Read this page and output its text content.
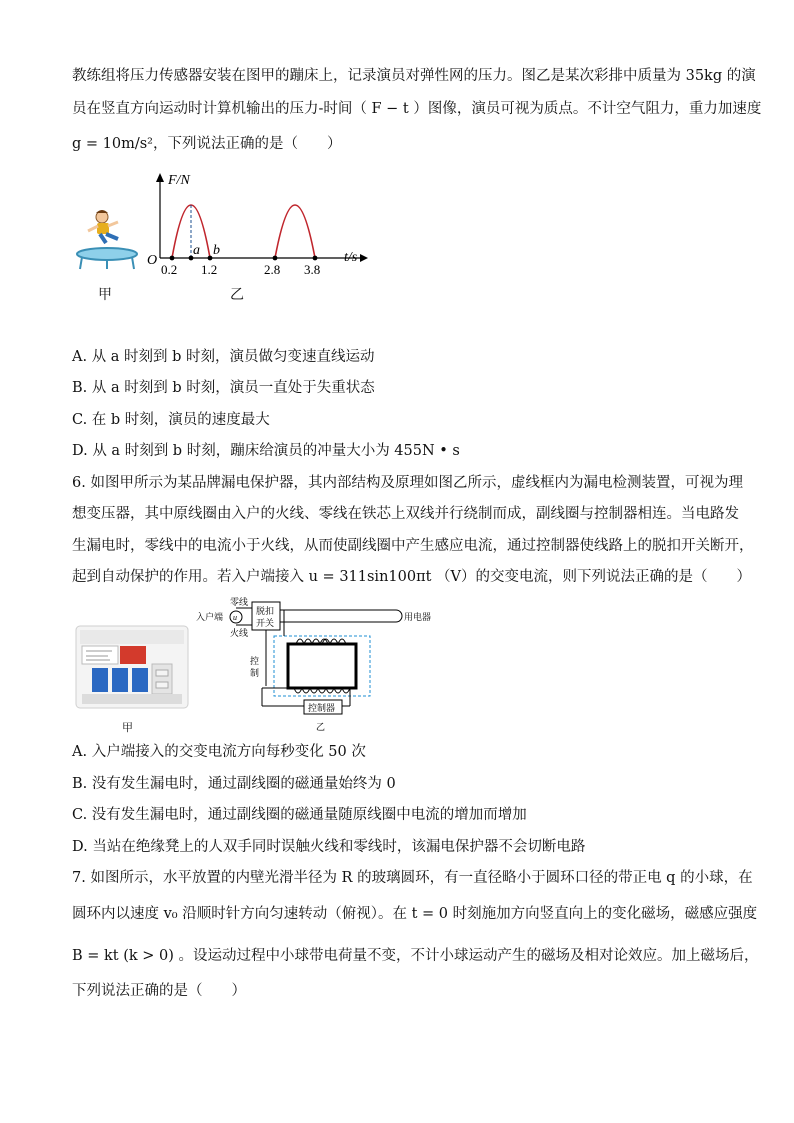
教练组将压力传感器安装在图甲的蹦床上，记录演员对弹性网的压力。图乙是某次彩排中质量为 35kg 的演
员在竖直方向运动时计算机输出的压力-时间（ F − t ）图像，演员可视为质点。不计空气阻力，重力加速度
g = 10m/s²，下列说法正确的是（　　）
甲
F/N
t/s
O
a b
0.2 1.2	2.8 3.8
乙
A. 从 a 时刻到 b 时刻，演员做匀变速直线运动
B. 从 a 时刻到 b 时刻，演员一直处于失重状态
C. 在 b 时刻，演员的速度最大
D. 从 a 时刻到 b 时刻，蹦床给演员的冲量大小为 455N • s
6. 如图甲所示为某品牌漏电保护器，其内部结构及原理如图乙所示，虚线框内为漏电检测装置，可视为理
想变压器，其中原线圈由入户的火线、零线在铁芯上双线并行绕制而成，副线圈与控制器相连。当电路发
生漏电时，零线中的电流小于火线，从而使副线圈中产生感应电流，通过控制器使线路上的脱扣开关断开，
起到自动保护的作用。若入户端接入 u = 311sin100πt （V）的交变电流，则下列说法正确的是（　　）
甲
零线
入户端
火线
u
脱扣
开关
用电器
控
制
控制器
乙
A. 入户端接入的交变电流方向每秒变化 50 次
B. 没有发生漏电时，通过副线圈的磁通量始终为 0
C. 没有发生漏电时，通过副线圈的磁通量随原线圈中电流的增加而增加
D. 当站在绝缘凳上的人双手同时误触火线和零线时，该漏电保护器不会切断电路
7. 如图所示，水平放置的内壁光滑半径为 R 的玻璃圆环，有一直径略小于圆环口径的带正电 q 的小球，在
圆环内以速度 v₀ 沿顺时针方向匀速转动（俯视）。在 t = 0 时刻施加方向竖直向上的变化磁场，磁感应强度
B = kt (k > 0) 。设运动过程中小球带电荷量不变，不计小球运动产生的磁场及相对论效应。加上磁场后，
下列说法正确的是（　　）
